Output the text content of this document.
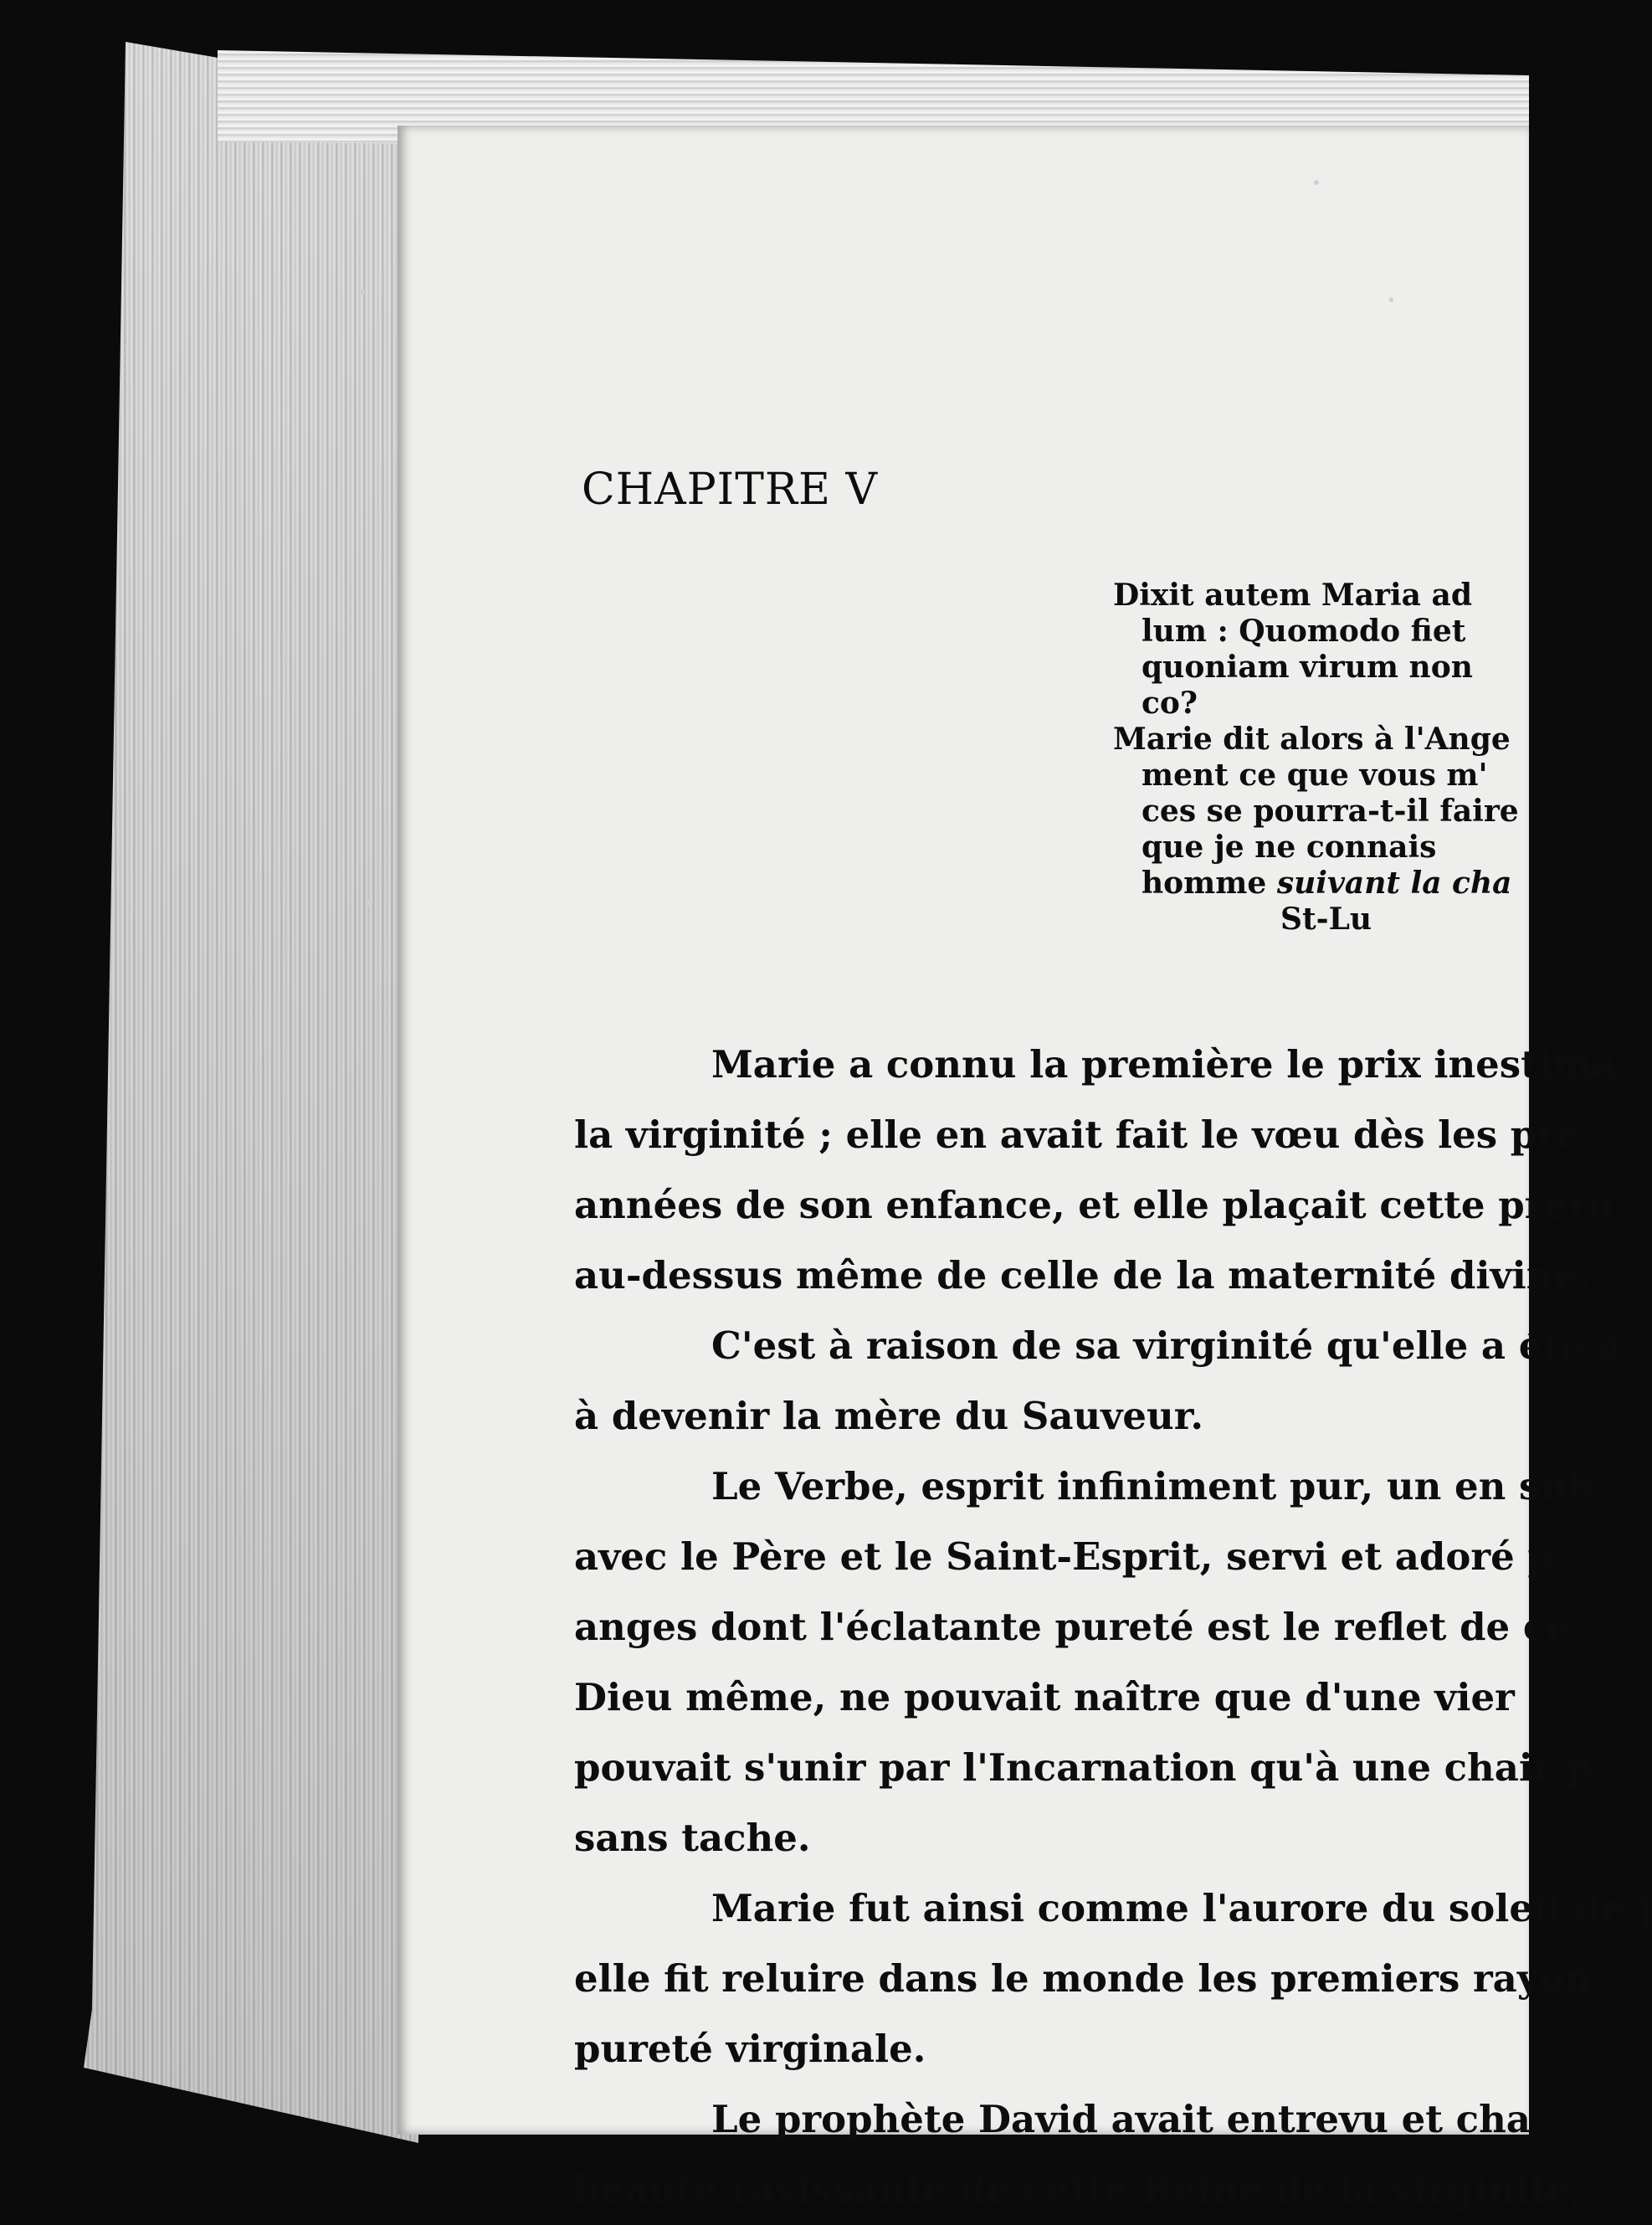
CHAPITRE V
Dixit autem Maria ad
lum : Quomodo fiet
quoniam virum non
co?
Marie dit alors à l'Ange
ment ce que vous m'
ces se pourra-t-il faire
que je ne connais
homme suivant la cha
St-Lu
Marie a connu la première le prix inestima
la virginité ; elle en avait fait le vœu dès les pre
années de son enfance, et elle plaçait cette préro
au-dessus même de celle de la maternité divine.
C'est à raison de sa virginité qu'elle a été a
à devenir la mère du Sauveur.
Le Verbe, esprit infiniment pur, un en sub
avec le Père et le Saint-Esprit, servi et adoré p
anges dont l'éclatante pureté est le reflet de ce
Dieu même, ne pouvait naître que d'une vier
pouvait s'unir par l'Incarnation qu'à une chair p
sans tache.
Marie fut ainsi comme l'aurore du soleil de j
elle fit reluire dans le monde les premiers rayon
pureté virginale.
Le prophète David avait entrevu et cha
beauté ravissante de cette Reine de la virginité,
